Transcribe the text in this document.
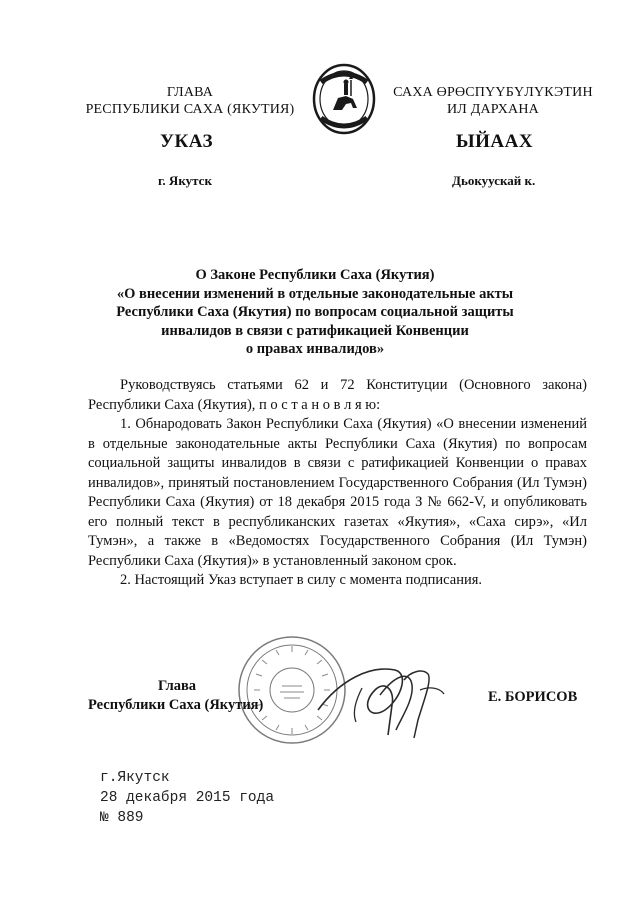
ГЛАВА
РЕСПУБЛИКИ САХА (ЯКУТИЯ)
САХА ӨРӨСПҮҮБҮЛҮКЭТИН
ИЛ ДАРХАНА
УКАЗ	ЫЙААХ
г. Якутск	Дьокуускай к.
О Законе Республики Саха (Якутия)
«О внесении изменений в отдельные законодательные акты
Республики Саха (Якутия) по вопросам социальной защиты
инвалидов в связи с ратификацией Конвенции
о правах инвалидов»

Руководствуясь статьями 62 и 72 Конституции (Основного закона) Республики Саха (Якутия), п о с т а н о в л я ю:

1. Обнародовать Закон Республики Саха (Якутия) «О внесении изменений в отдельные законодательные акты Республики Саха (Якутия) по вопросам социальной защиты инвалидов в связи с ратификацией Конвенции о правах инвалидов», принятый постановлением Государственного Собрания (Ил Тумэн) Республики Саха (Якутия) от 18 декабря 2015 года З № 662-V, и опубликовать его полный текст в республиканских газетах «Якутия», «Саха сирэ», «Ил Тумэн», а также в «Ведомостях Государственного Собрания (Ил Тумэн) Республики Саха (Якутия)» в установленный законом срок.

2. Настоящий Указ вступает в силу с момента подписания.

Глава
Республики Саха (Якутия)	Е. БОРИСОВ
г.Якутск
28 декабря 2015 года
№ 889
